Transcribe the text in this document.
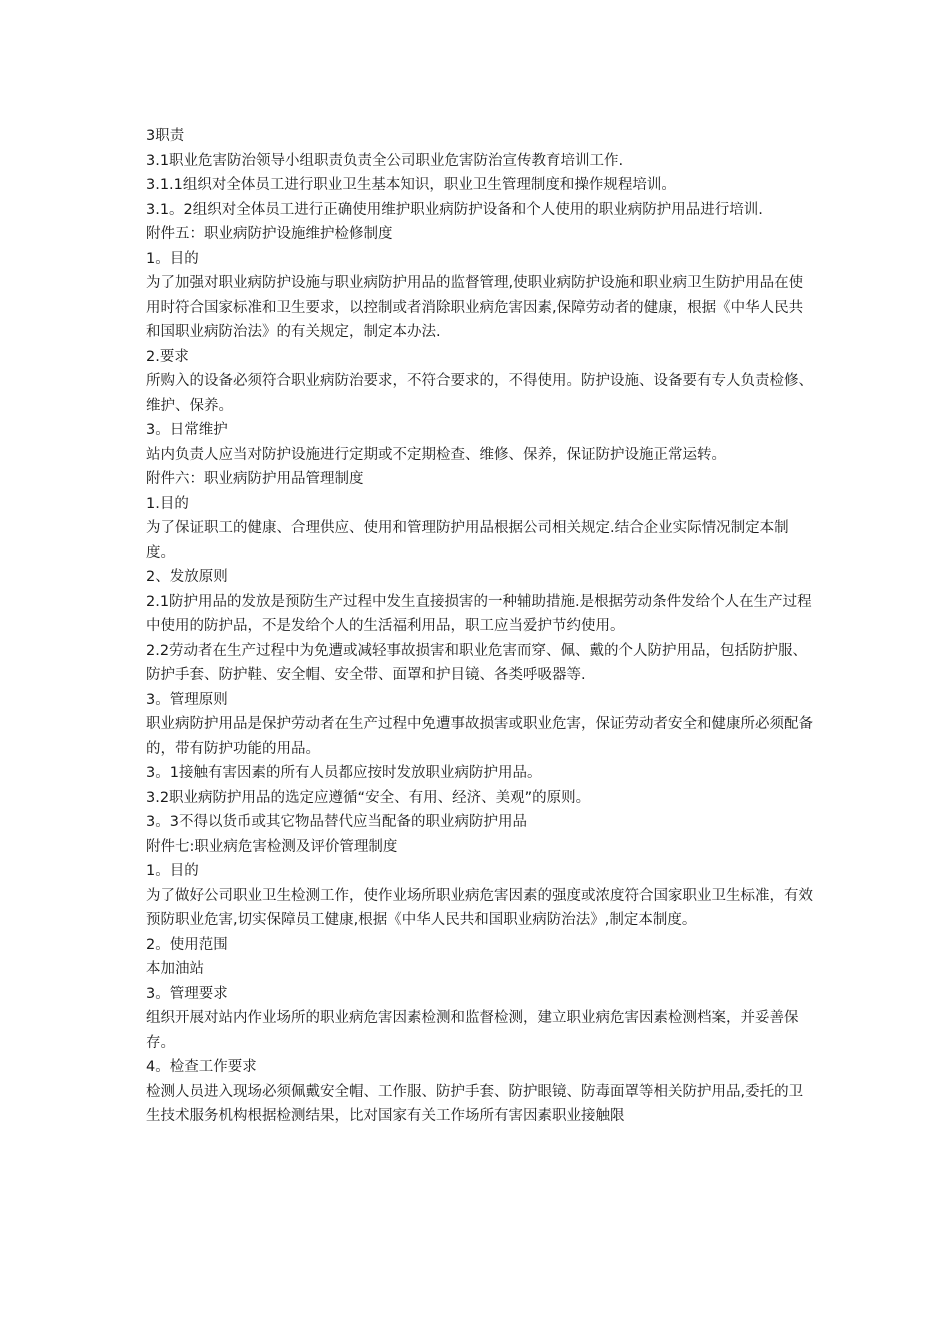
3职责

3.1职业危害防治领导小组职责负责全公司职业危害防治宣传教育培训工作.

3.1.1组织对全体员工进行职业卫生基本知识，职业卫生管理制度和操作规程培训。

3.1。2组织对全体员工进行正确使用维护职业病防护设备和个人使用的职业病防护用品进行培训.

附件五：职业病防护设施维护检修制度

1。目的

为了加强对职业病防护设施与职业病防护用品的监督管理,使职业病防护设施和职业病卫生防护用品在使用时符合国家标准和卫生要求，以控制或者消除职业病危害因素,保障劳动者的健康，根据《中华人民共和国职业病防治法》的有关规定，制定本办法.

2.要求

所购入的设备必须符合职业病防治要求，不符合要求的，不得使用。防护设施、设备要有专人负责检修、维护、保养。

3。日常维护

站内负责人应当对防护设施进行定期或不定期检查、维修、保养，保证防护设施正常运转。

附件六：职业病防护用品管理制度

1.目的

为了保证职工的健康、合理供应、使用和管理防护用品根据公司相关规定.结合企业实际情况制定本制度。

2、发放原则

2.1防护用品的发放是预防生产过程中发生直接损害的一种辅助措施.是根据劳动条件发给个人在生产过程中使用的防护品，不是发给个人的生活福利用品，职工应当爱护节约使用。

2.2劳动者在生产过程中为免遭或减轻事故损害和职业危害而穿、佩、戴的个人防护用品，包括防护服、防护手套、防护鞋、安全帽、安全带、面罩和护目镜、各类呼吸器等.

3。管理原则

职业病防护用品是保护劳动者在生产过程中免遭事故损害或职业危害，保证劳动者安全和健康所必须配备的，带有防护功能的用品。

3。1接触有害因素的所有人员都应按时发放职业病防护用品。

3.2职业病防护用品的选定应遵循“安全、有用、经济、美观”的原则。

3。3不得以货币或其它物品替代应当配备的职业病防护用品

附件七:职业病危害检测及评价管理制度

1。目的

为了做好公司职业卫生检测工作，使作业场所职业病危害因素的强度或浓度符合国家职业卫生标准，有效预防职业危害,切实保障员工健康,根据《中华人民共和国职业病防治法》,制定本制度。

2。使用范围

本加油站

3。管理要求

组织开展对站内作业场所的职业病危害因素检测和监督检测，建立职业病危害因素检测档案，并妥善保存。

4。检查工作要求

检测人员进入现场必须佩戴安全帽、工作服、防护手套、防护眼镜、防毒面罩等相关防护用品,委托的卫生技术服务机构根据检测结果，比对国家有关工作场所有害因素职业接触限
